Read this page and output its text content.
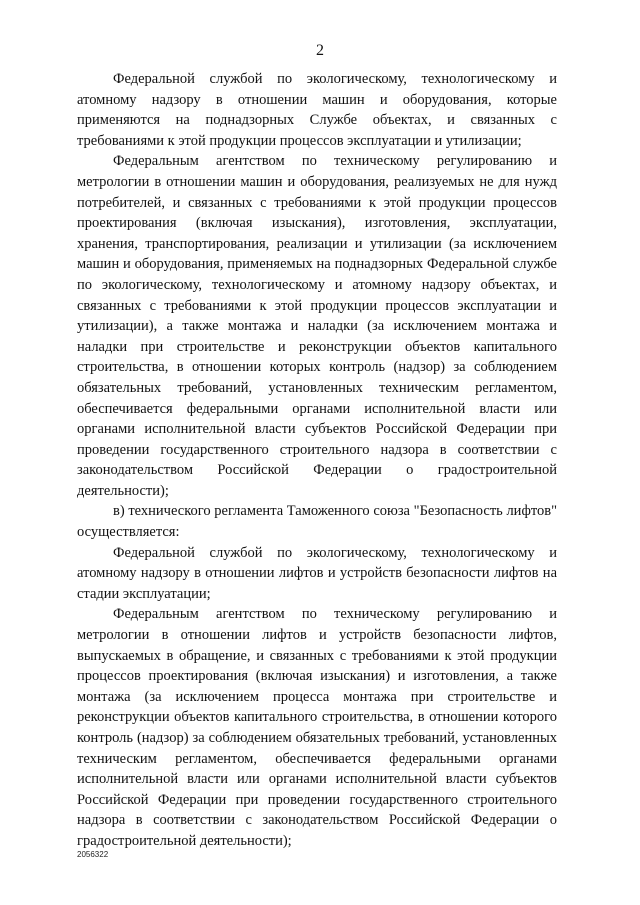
2

Федеральной службой по экологическому, технологическому и атомному надзору в отношении машин и оборудования, которые применяются на поднадзорных Службе объектах, и связанных с требованиями к этой продукции процессов эксплуатации и утилизации;

Федеральным агентством по техническому регулированию и метрологии в отношении машин и оборудования, реализуемых не для нужд потребителей, и связанных с требованиями к этой продукции процессов проектирования (включая изыскания), изготовления, эксплуатации, хранения, транспортирования, реализации и утилизации (за исключением машин и оборудования, применяемых на поднадзорных Федеральной службе по экологическому, технологическому и атомному надзору объектах, и связанных с требованиями к этой продукции процессов эксплуатации и утилизации), а также монтажа и наладки (за исключением монтажа и наладки при строительстве и реконструкции объектов капитального строительства, в отношении которых контроль (надзор) за соблюдением обязательных требований, установленных техническим регламентом, обеспечивается федеральными органами исполнительной власти или органами исполнительной власти субъектов Российской Федерации при проведении государственного строительного надзора в соответствии с законодательством Российской Федерации о градостроительной деятельности);

в) технического регламента Таможенного союза "Безопасность лифтов" осуществляется:

Федеральной службой по экологическому, технологическому и атомному надзору в отношении лифтов и устройств безопасности лифтов на стадии эксплуатации;

Федеральным агентством по техническому регулированию и метрологии в отношении лифтов и устройств безопасности лифтов, выпускаемых в обращение, и связанных с требованиями к этой продукции процессов проектирования (включая изыскания) и изготовления, а также монтажа (за исключением процесса монтажа при строительстве и реконструкции объектов капитального строительства, в отношении которого контроль (надзор) за соблюдением обязательных требований, установленных техническим регламентом, обеспечивается федеральными органами исполнительной власти или органами исполнительной власти субъектов Российской Федерации при проведении государственного строительного надзора в соответствии с законодательством Российской Федерации о градостроительной деятельности);

2056322
